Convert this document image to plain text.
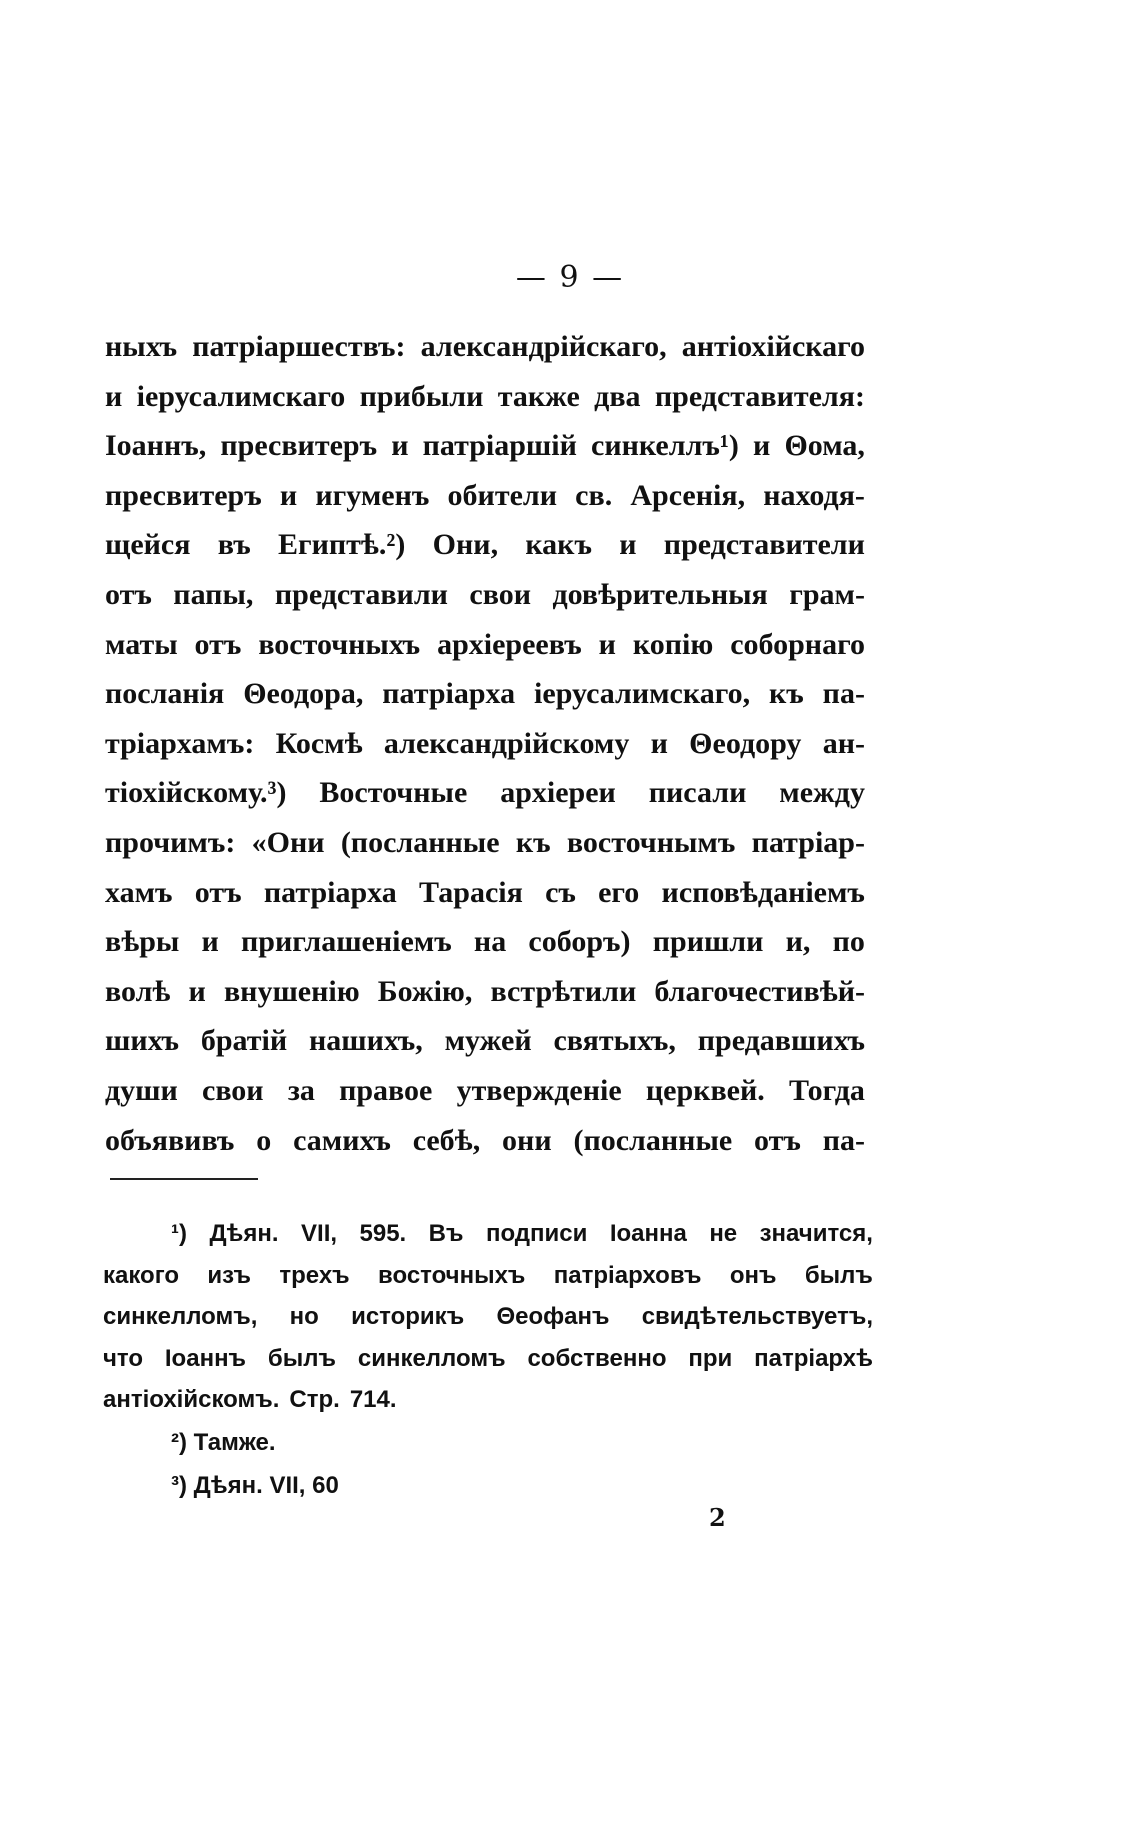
— 9 —
ныхъ патріаршествъ: александрійскаго, антіохійскаго
и іерусалимскаго прибыли также два представителя:
Іоаннъ, пресвитеръ и патріаршій синкеллъ¹) и Θома,
пресвитеръ и игуменъ обители св. Арсенія, находя-
щейся въ Египтѣ.²) Они, какъ и представители
отъ папы, представили свои довѣрительныя грам-
маты отъ восточныхъ архіереевъ и копію соборнаго
посланія Θеодора, патріарха іерусалимскаго, къ па-
тріархамъ: Космѣ александрійскому и Θеодору ан-
тіохійскому.³) Восточные архіереи писали между
прочимъ: «Они (посланные къ восточнымъ патріар-
хамъ отъ патріарха Тарасія съ его исповѣданіемъ
вѣры и приглашеніемъ на соборъ) пришли и, по
волѣ и внушенію Божію, встрѣтили благочестивѣй-
шихъ братій нашихъ, мужей святыхъ, предавшихъ
души свои за правое утвержденіе церквей. Тогда
объявивъ о самихъ себѣ, они (посланные отъ па-
¹) Дѣян. VII, 595. Въ подписи Іоанна не значится,
какого изъ трехъ восточныхъ патріарховъ онъ былъ
синкелломъ, но историкъ Θеофанъ свидѣтельствуетъ,
что Іоаннъ былъ синкелломъ собственно при патріархѣ
антіохійскомъ. Стр. 714.
²) Тамже.
³) Дѣян. VII, 60
2
